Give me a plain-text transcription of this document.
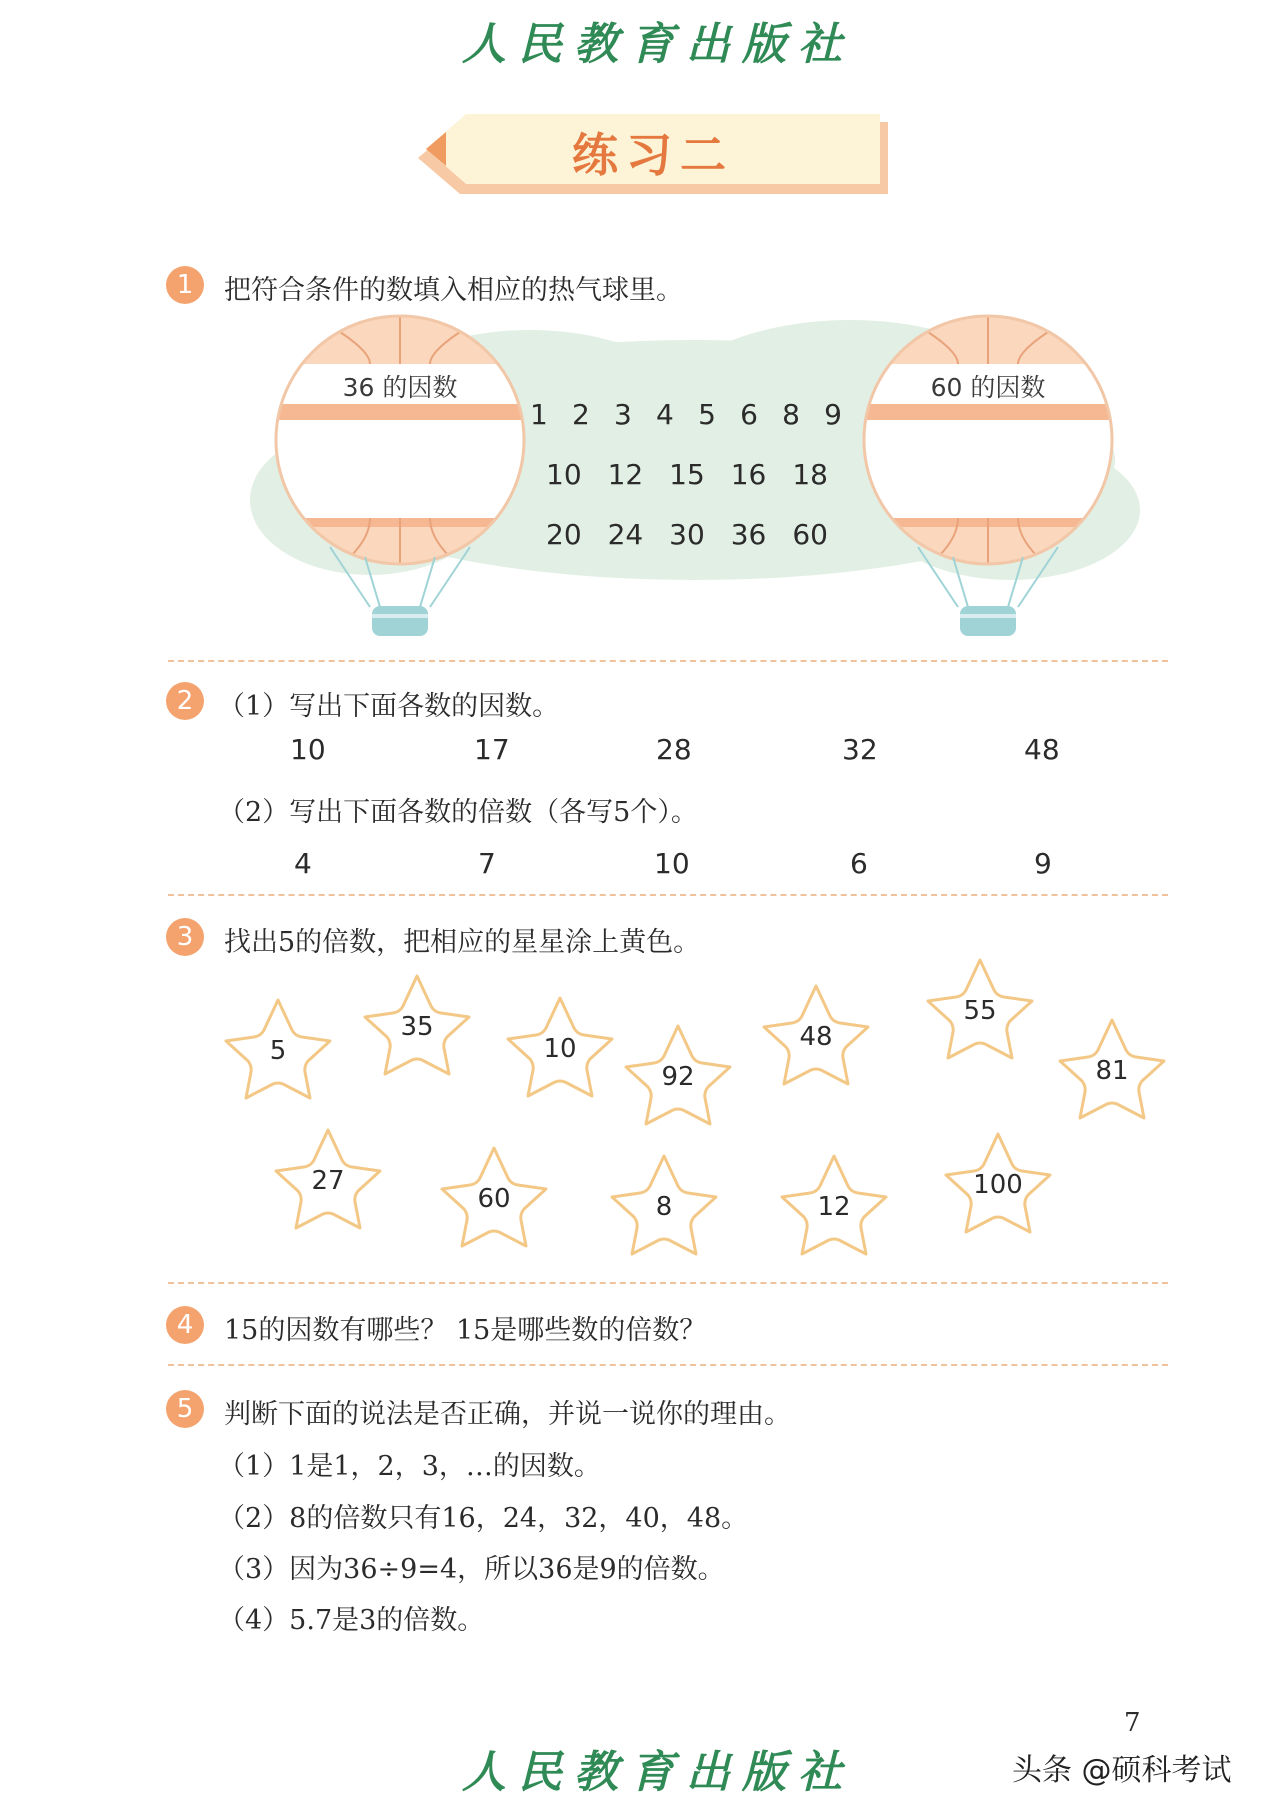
人民教育出版社
练习二
1	把符合条件的数填入相应的热气球里。
36 的因数	60 的因数
1 2 3 4 5 6 8 9
10 12 15 16 18
20 24 30 36 60
2 （1）写出下面各数的因数。
10	17	28	32	48
（2）写出下面各数的倍数（各写5个）。
4	7	10	6	9
3	找出5的倍数，把相应的星星涂上黄色。
5
35
10
92
48
55
81
27
60	8	12
100
4	15的因数有哪些？ 15是哪些数的倍数？
5	判断下面的说法是否正确，并说一说你的理由。
（1）1是1，2，3，…的因数。
（2）8的倍数只有16，24，32，40，48。
（3）因为36÷9=4，所以36是9的倍数。
（4）5.7是3的倍数。
7
人民教育出版社	头条 @硕科考试
